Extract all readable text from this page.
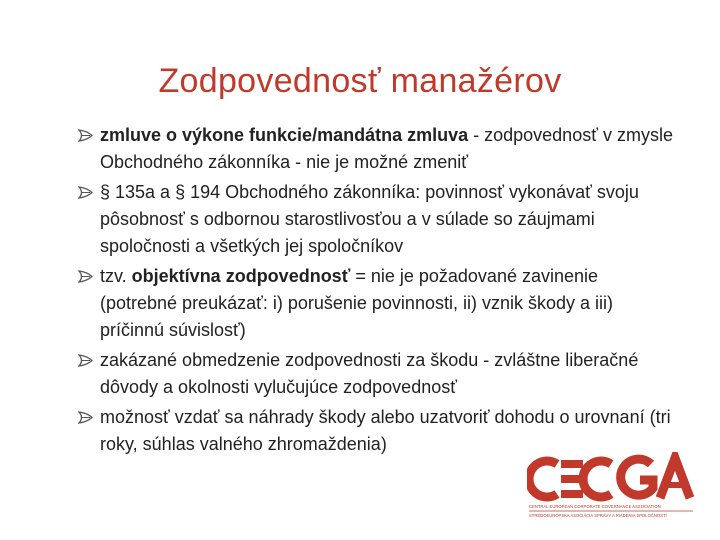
Zodpovednosť manažérov
zmluve o výkone funkcie/mandátna zmluva - zodpovednosť v zmysle Obchodného zákonníka - nie je možné zmeniť
§ 135a a § 194 Obchodného zákonníka: povinnosť vykonávať svoju pôsobnosť s odbornou starostlivosťou a v súlade so záujmami spoločnosti a všetkých jej spoločníkov
tzv. objektívna zodpovednosť = nie je požadované zavinenie (potrebné preukázať: i) porušenie povinnosti, ii) vznik škody a iii) príčinnú súvislosť)
zakázané obmedzenie zodpovednosti za škodu - zvláštne liberačné dôvody a okolnosti vylučujúce zodpovednosť
možnosť vzdať sa náhrady škody alebo uzatvoriť dohodu o urovnaní (tri roky, súhlas valného zhromaždenia)
CENTRAL EUROPEAN CORPORATE GOVERNANCE ASSOCIATION
STREDOEURÓPSKA ASOCIÁCIA SPRÁVY A RIADENIA SPOLOČNOSTÍ
